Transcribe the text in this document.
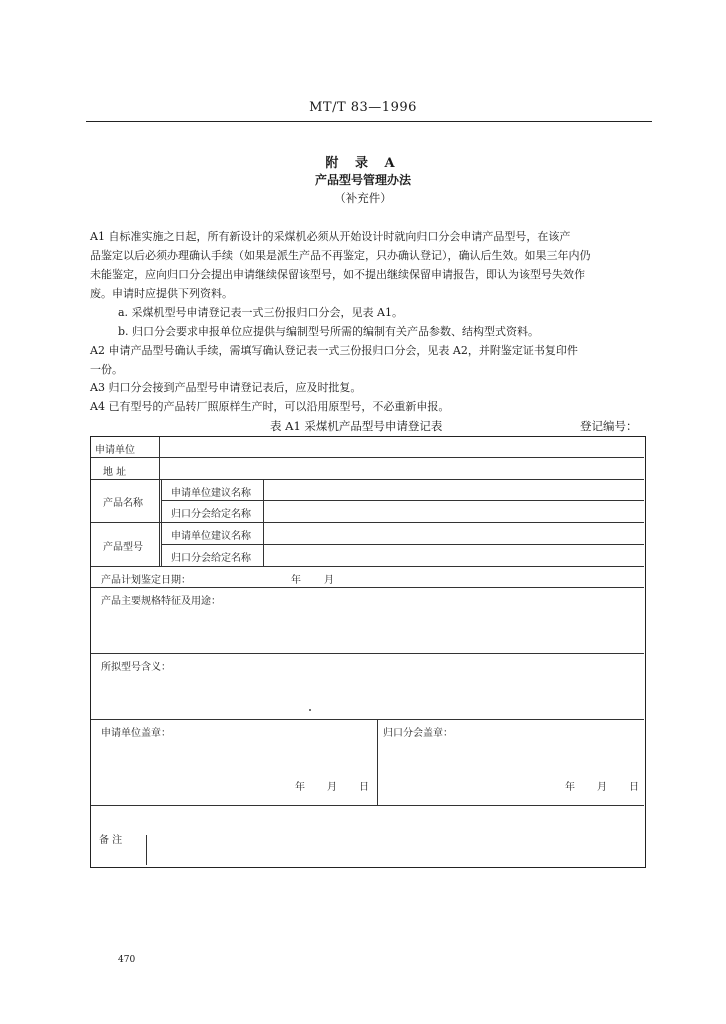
MT/T 83—1996
附 录 A
产品型号管理办法
（补充件）
A1 自标准实施之日起，所有新设计的采煤机必须从开始设计时就向归口分会申请产品型号，在该产
品鉴定以后必须办理确认手续（如果是派生产品不再鉴定，只办确认登记），确认后生效。如果三年内仍
未能鉴定，应向归口分会提出申请继续保留该型号，如不提出继续保留申请报告，即认为该型号失效作
废。申请时应提供下列资料。
a. 采煤机型号申请登记表一式三份报归口分会，见表 A1。
b. 归口分会要求申报单位应提供与编制型号所需的编制有关产品参数、结构型式资料。
A2 申请产品型号确认手续，需填写确认登记表一式三份报归口分会，见表 A2，并附鉴定证书复印件
一份。
A3 归口分会接到产品型号申请登记表后，应及时批复。
A4 已有型号的产品转厂照原样生产时，可以沿用原型号，不必重新申报。
表 A1 采煤机产品型号申请登记表	登记编号：
申请单位
地 址
产品名称
申请单位建议名称
归口分会给定名称
产品型号
申请单位建议名称
归口分会给定名称
产品计划鉴定日期：	年 月
产品主要规格特征及用途：
所拟型号含义：
申请单位盖章：
年 月 日
归口分会盖章：
年 月 日
备 注
470
